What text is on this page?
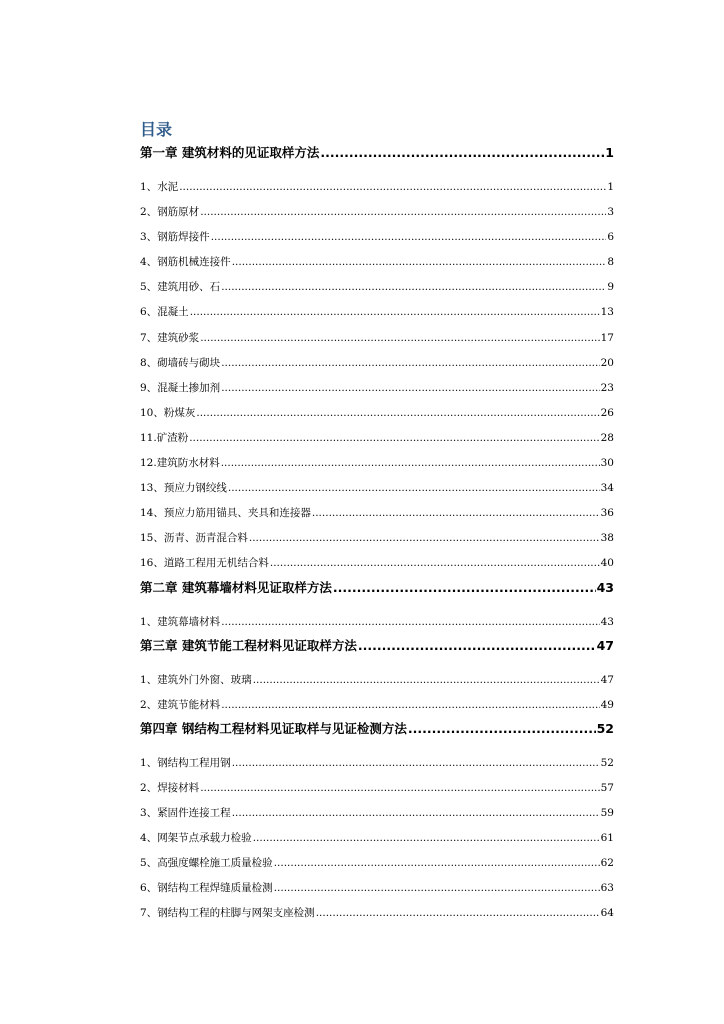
目录
第一章 建筑材料的见证取样方法 .....	1
1、水泥 .....	1
2、钢筋原材 .....	3
3、钢筋焊接件 .....	6
4、钢筋机械连接件 .....	8
5、建筑用砂、石 .....	9
6、混凝土 .....	13
7、建筑砂浆 .....	17
8、砌墙砖与砌块 .....	20
9、混凝土掺加剂 .....	23
10、粉煤灰 .....	26
11.矿渣粉 .....	28
12.建筑防水材料 .....	30
13、预应力钢绞线 .....	34
14、预应力筋用锚具、夹具和连接器 .....	36
15、沥青、沥青混合料 .....	38
16、道路工程用无机结合料 .....	40
第二章 建筑幕墙材料见证取样方法 .....	43
1、建筑幕墙材料 .....	43
第三章 建筑节能工程材料见证取样方法 .....	47
1、建筑外门外窗、玻璃 .....	47
2、建筑节能材料 .....	49
第四章 钢结构工程材料见证取样与见证检测方法 .....	52
1、钢结构工程用钢 .....	52
2、焊接材料 .....	57
3、紧固件连接工程 .....	59
4、网架节点承载力检验 .....	61
5、高强度螺栓施工质量检验 .....	62
6、钢结构工程焊缝质量检测 .....	63
7、钢结构工程的柱脚与网架支座检测 .....	64
